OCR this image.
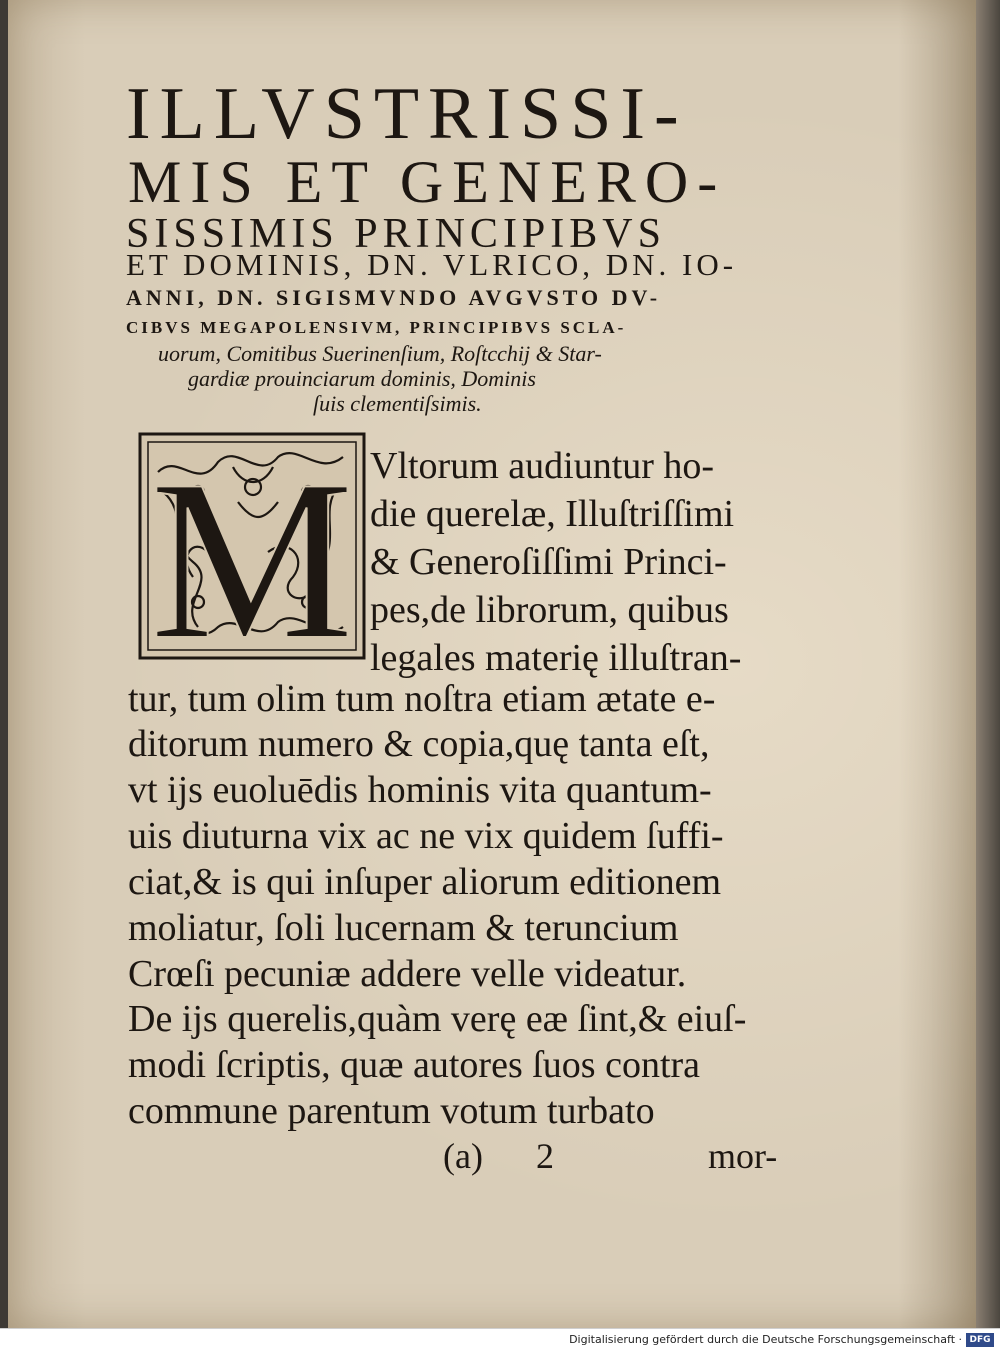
ILLVSTRISSI-
MIS ET GENERO-
SISSIMIS PRINCIPIBVS
ET DOMINIS, DN. VLRICO, DN. IO-
ANNI, DN. SIGISMVNDO AVGVSTO DV-
CIBVS MEGAPOLENSIVM, PRINCIPIBVS SCLA-
uorum, Comitibus Suerinenſium, Roſtcchij & Star-
gardiæ prouinciarum dominis, Dominis
ſuis clementiſsimis.
M Vltorum audiuntur ho-
die querelæ, Illuſtriſſimi
& Generoſiſſimi Princi-
pes,de librorum, quibus
legales materię illuſtran-
tur, tum olim tum noſtra etiam ætate e-
ditorum numero & copia,quę tanta eſt,
vt ijs euoluēdis hominis vita quantum-
uis diuturna vix ac ne vix quidem ſuffi-
ciat,& is qui inſuper aliorum editionem
moliatur, ſoli lucernam & teruncium
Crœſi pecuniæ addere velle videatur.
De ijs querelis,quàm verę eæ ſint,& eiuſ-
modi ſcriptis, quæ autores ſuos contra
commune parentum votum turbato
(a) 2	mor-
Digitalisierung gefördert durch die Deutsche Forschungsgemeinschaft · DFG
